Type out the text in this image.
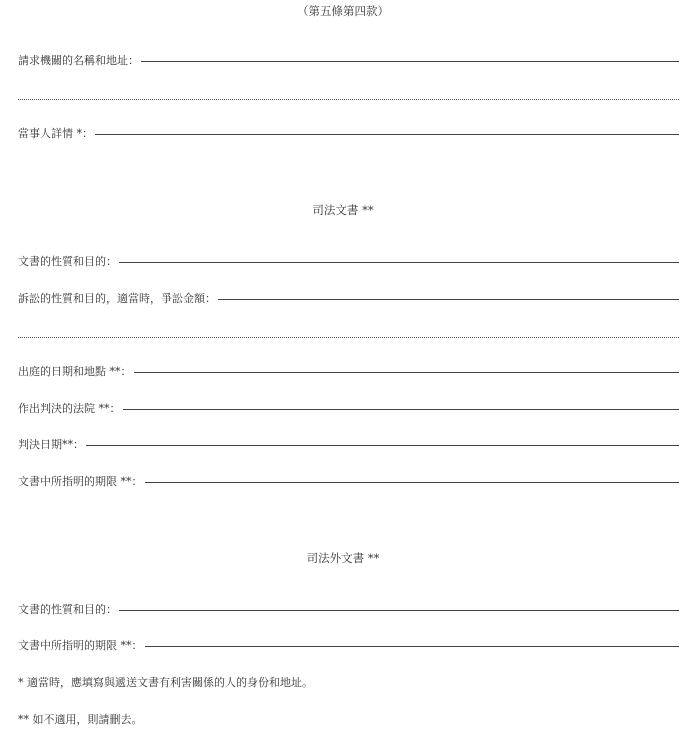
（第五條第四款）
請求機關的名稱和地址：
當事人詳情 *：
司法文書 **
文書的性質和目的：
訴訟的性質和目的，適當時，爭訟金額：
出庭的日期和地點 **：
作出判決的法院 **：
判決日期**：
文書中所指明的期限 **：
司法外文書 **
文書的性質和目的：
文書中所指明的期限 **：
* 適當時，應填寫與遞送文書有利害關係的人的身份和地址。
** 如不適用，則請刪去。
